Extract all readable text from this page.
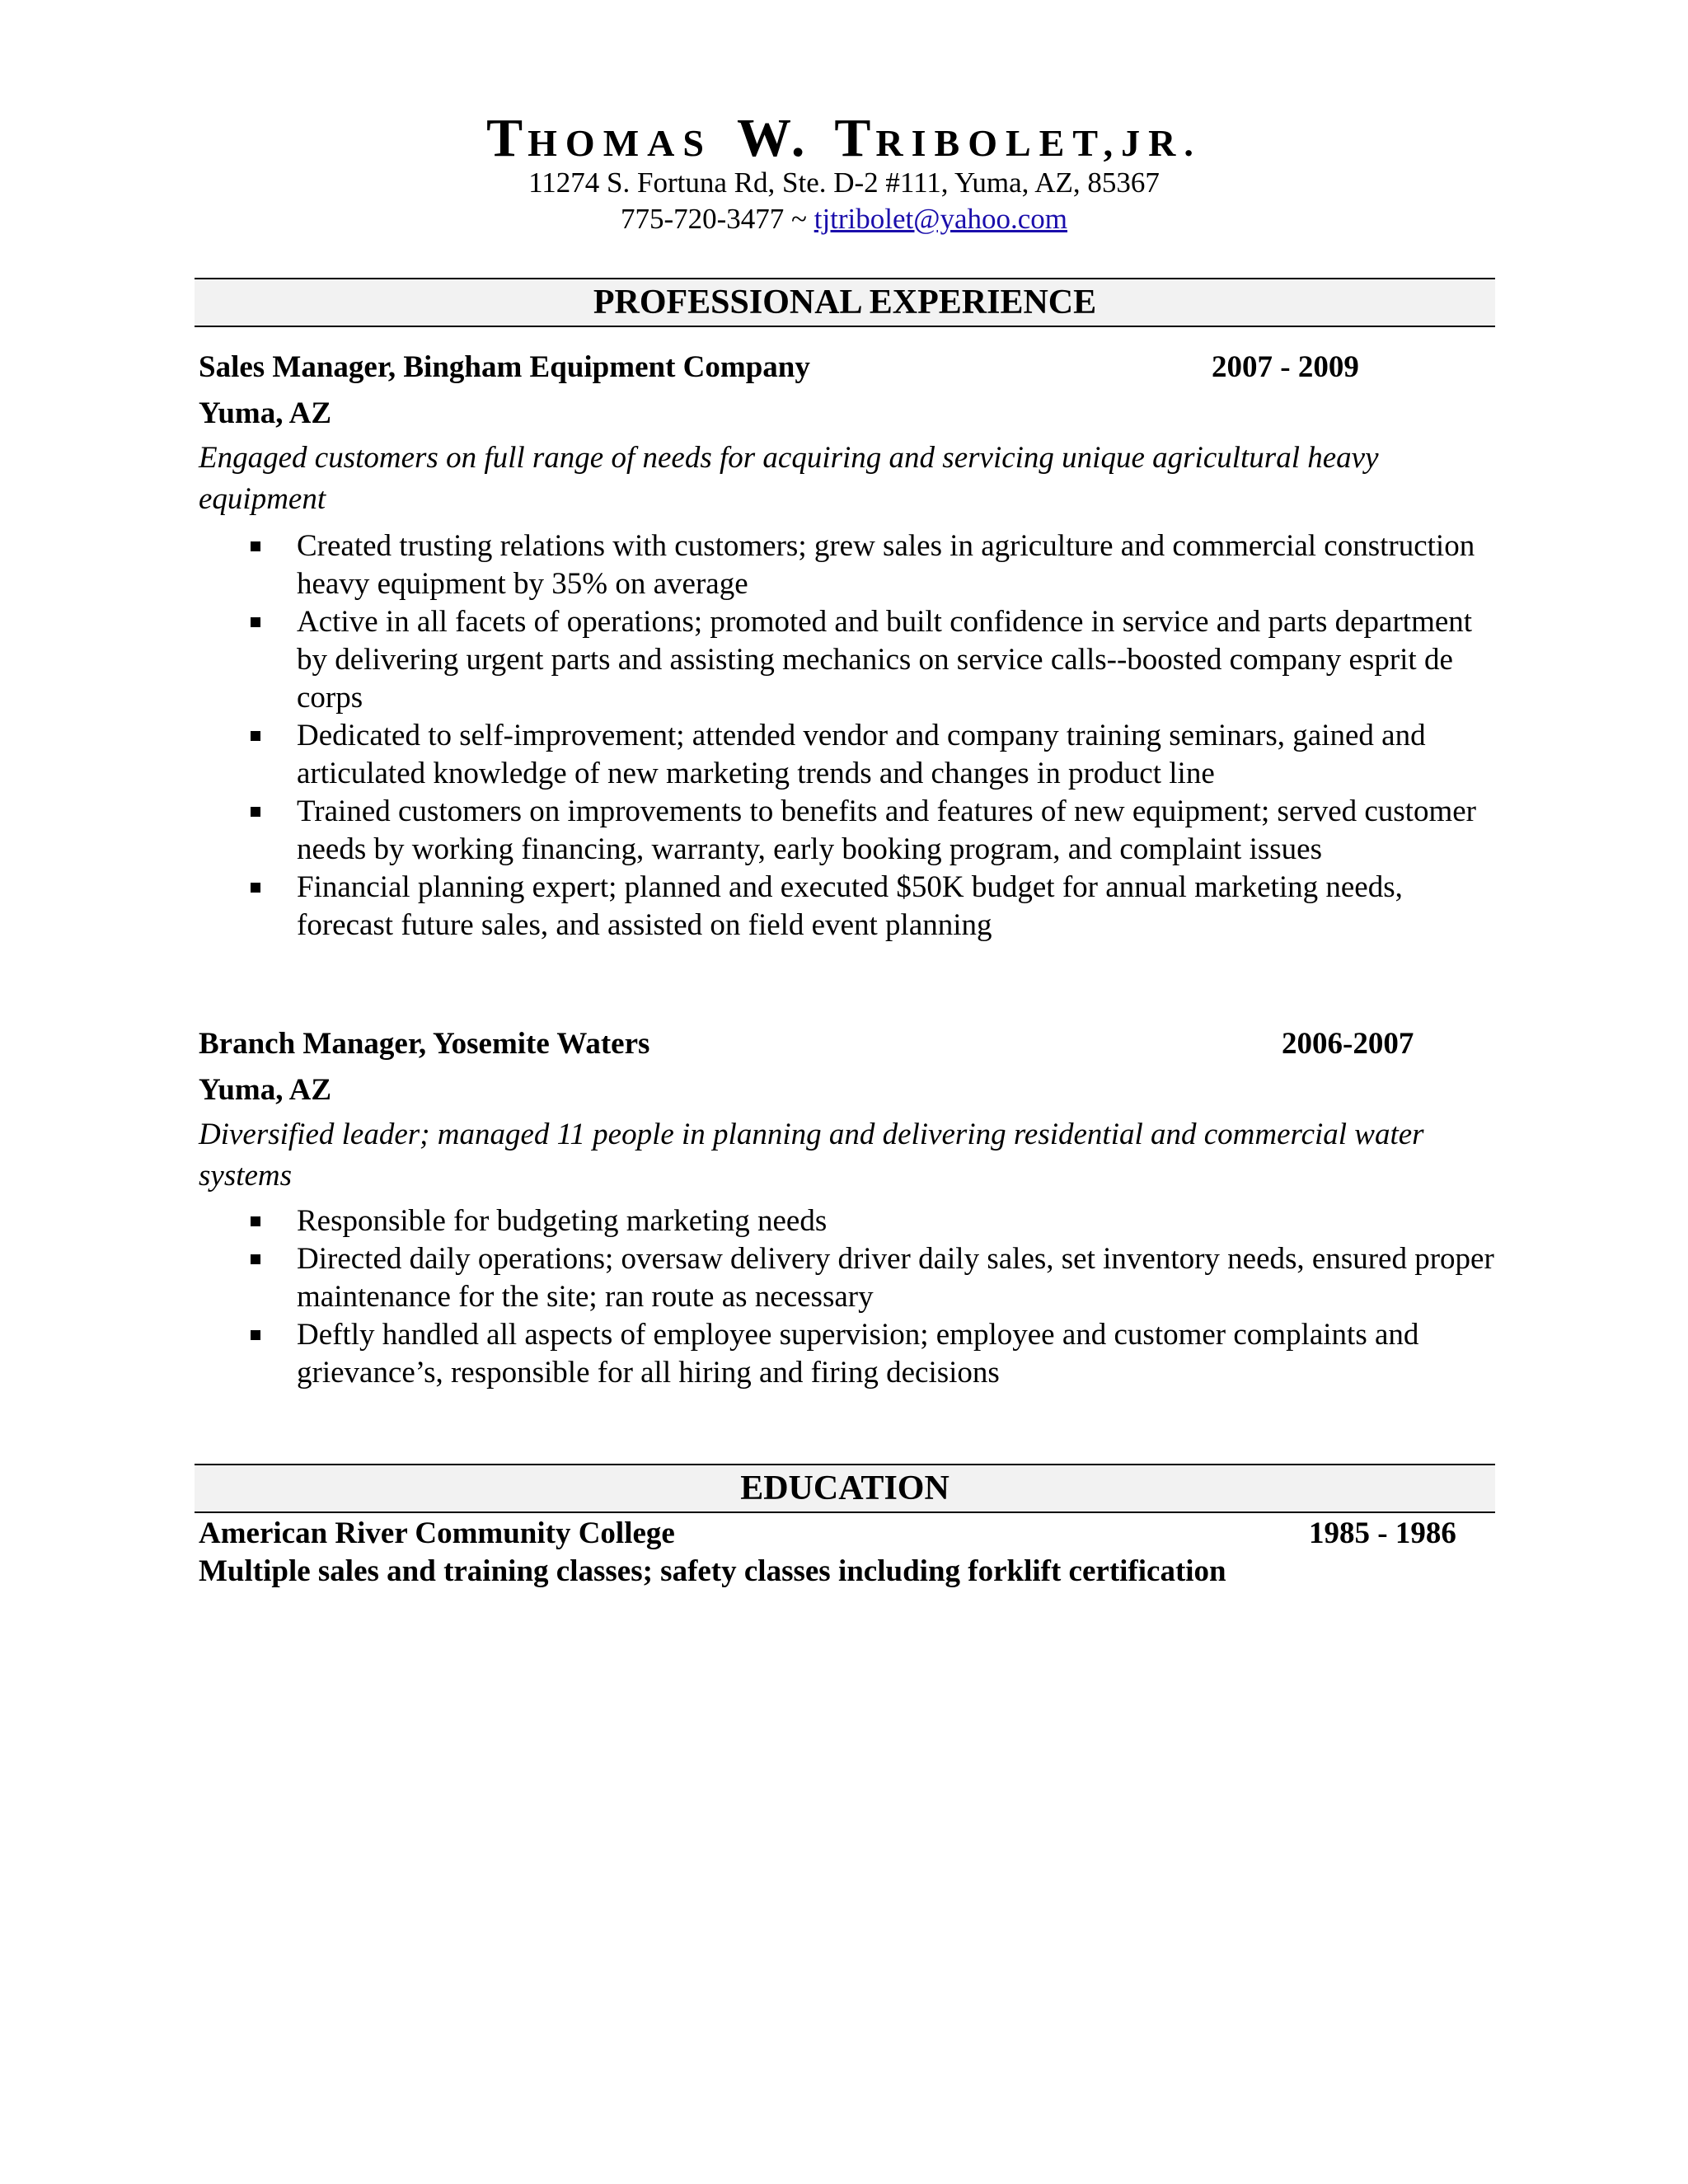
THOMAS W. TRIBOLET,JR.
11274 S. Fortuna Rd, Ste. D-2 #111, Yuma, AZ, 85367
775-720-3477 ~ tjtribolet@yahoo.com
PROFESSIONAL EXPERIENCE
Sales Manager, Bingham Equipment Company	2007 - 2009
Yuma, AZ
Engaged customers on full range of needs for acquiring and servicing unique agricultural heavy equipment
Created trusting relations with customers; grew sales in agriculture and commercial construction heavy equipment by 35% on average
Active in all facets of operations; promoted and built confidence in service and parts department by delivering urgent parts and assisting mechanics on service calls--boosted company esprit de corps
Dedicated to self-improvement; attended vendor and company training seminars, gained and articulated knowledge of new marketing trends and changes in product line
Trained customers on improvements to benefits and features of new equipment; served customer needs by working financing, warranty, early booking program, and complaint issues
Financial planning expert; planned and executed $50K budget for annual marketing needs, forecast future sales, and assisted on field event planning
Branch Manager, Yosemite Waters	2006-2007
Yuma, AZ
Diversified leader; managed 11 people in planning and delivering residential and commercial water systems
Responsible for budgeting marketing needs
Directed daily operations; oversaw delivery driver daily sales, set inventory needs, ensured proper maintenance for the site; ran route as necessary
Deftly handled all aspects of employee supervision; employee and customer complaints and grievance’s, responsible for all hiring and firing decisions
EDUCATION
American River Community College	1985 - 1986
Multiple sales and training classes; safety classes including forklift certification
